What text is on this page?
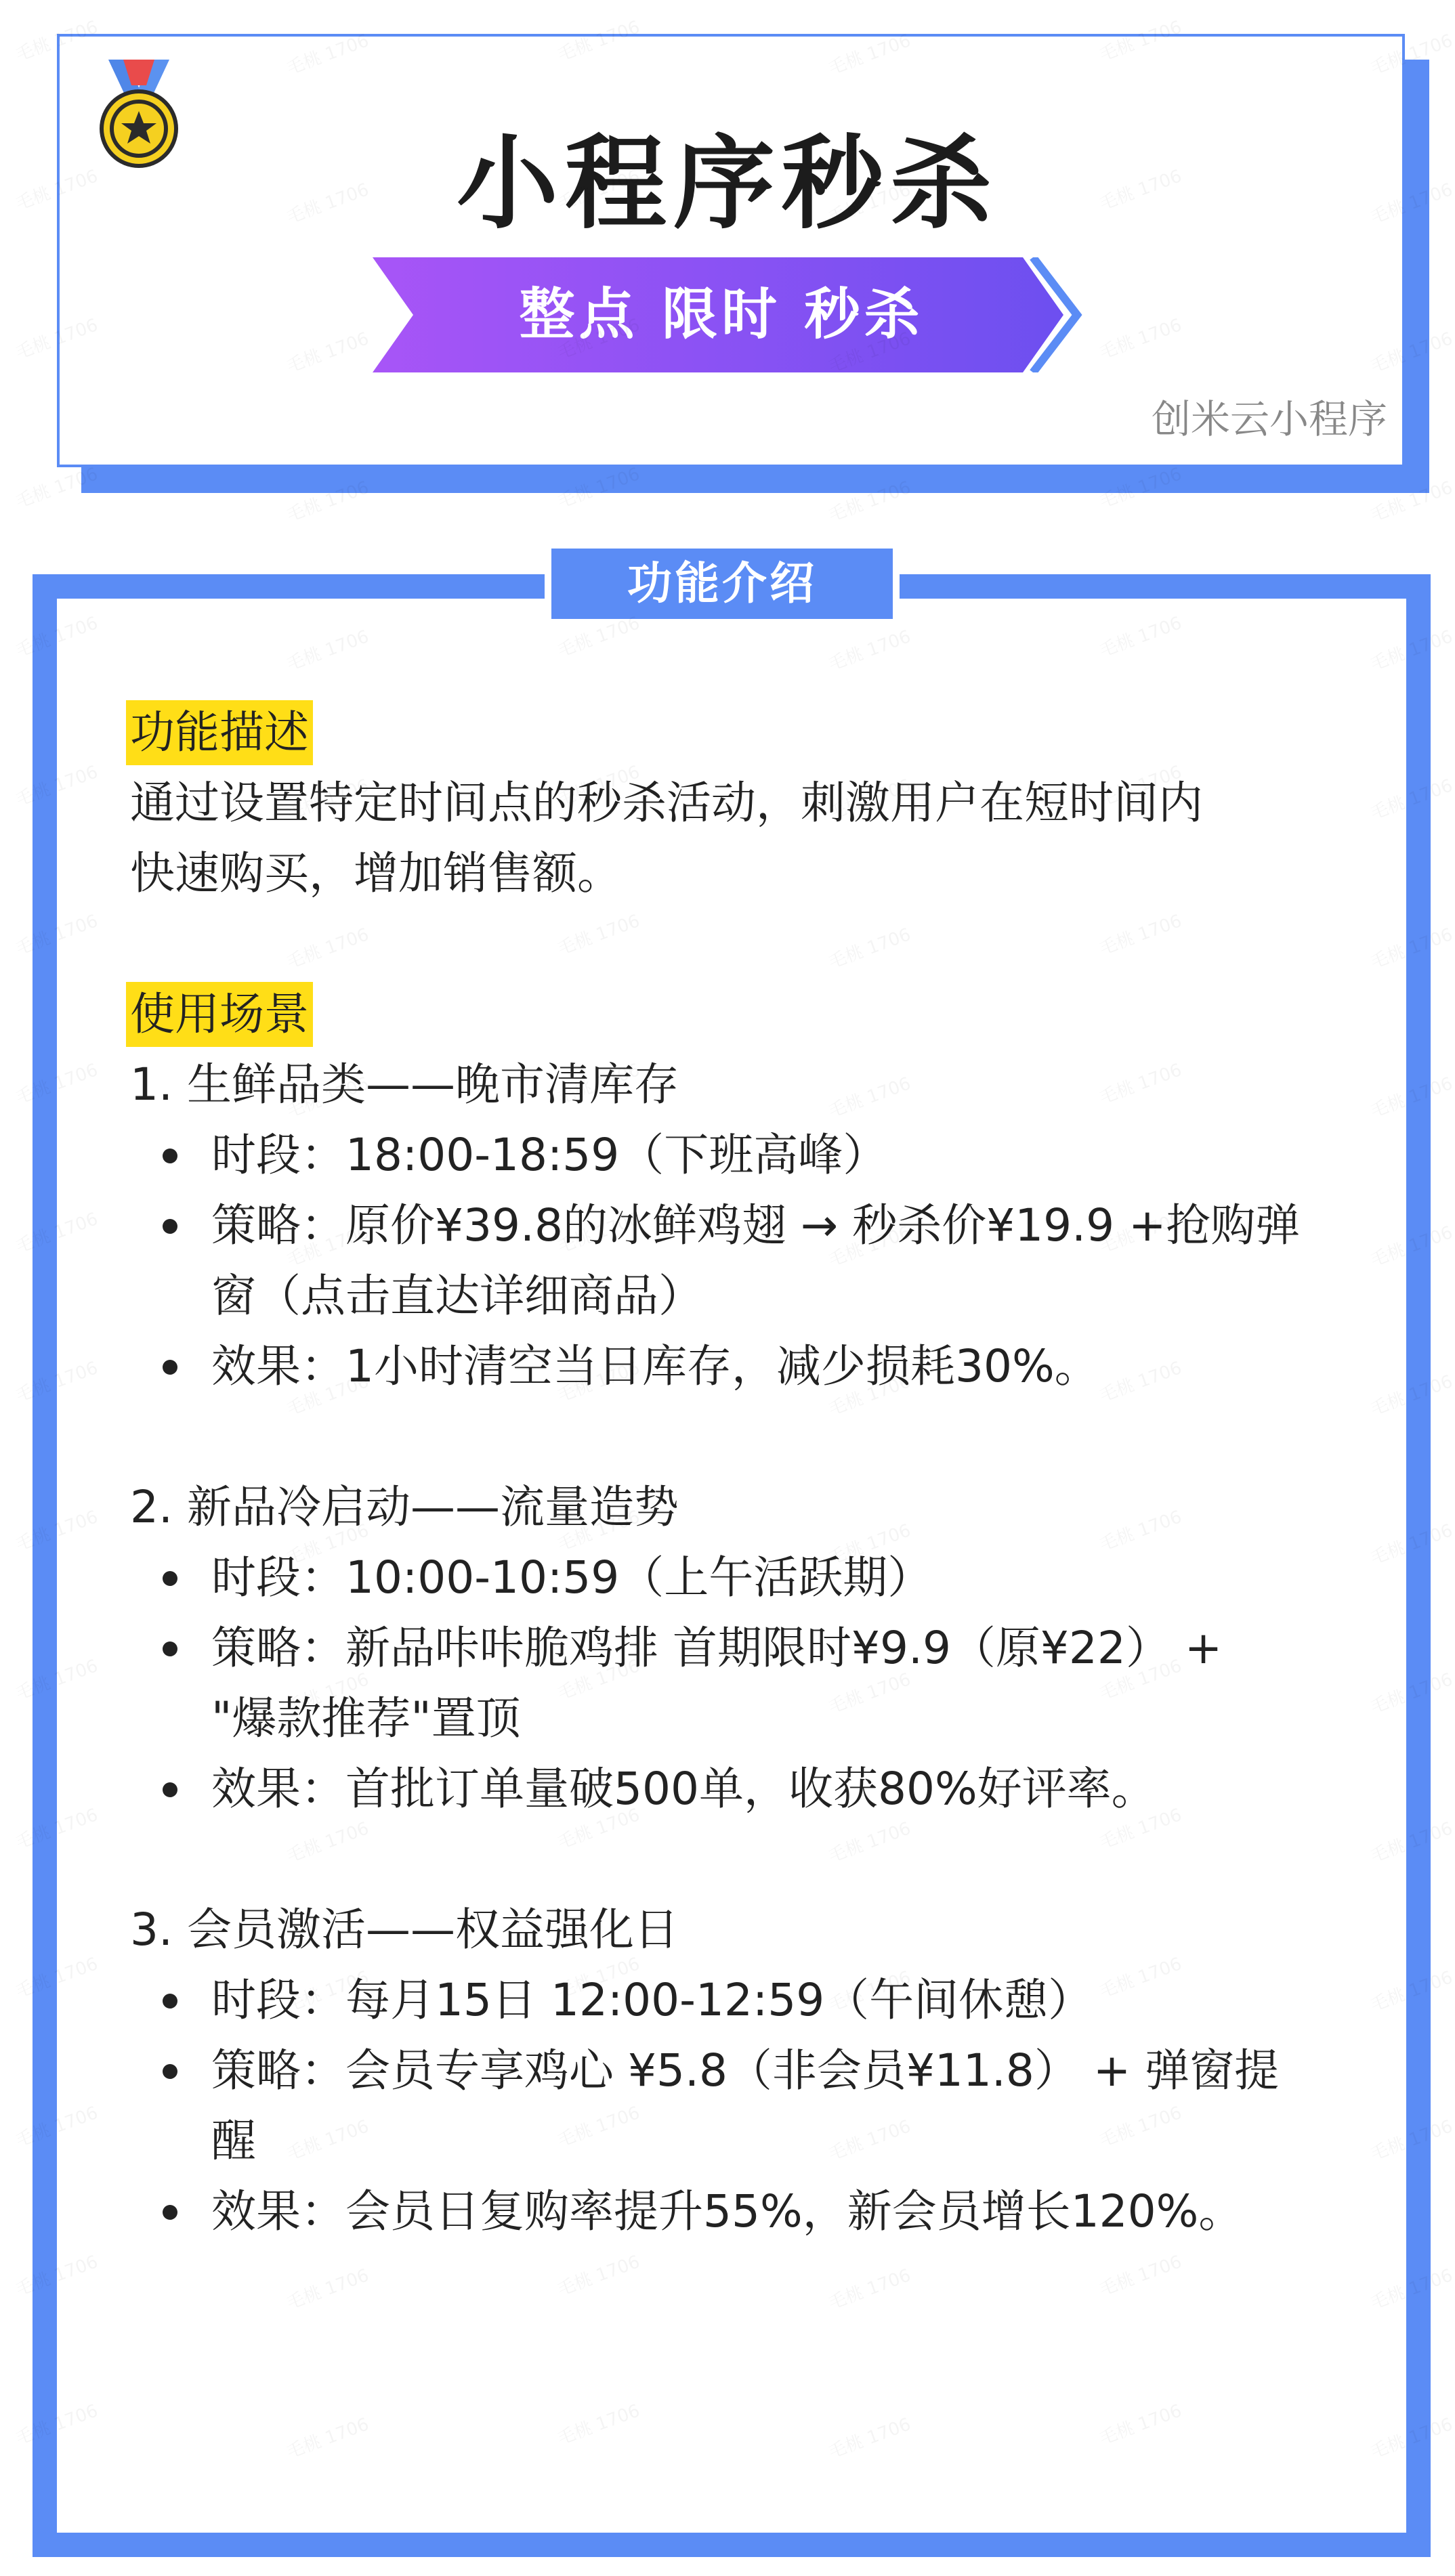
小程序秒杀
整点 限时 秒杀
创米云小程序
功能介绍
功能描述
通过设置特定时间点的秒杀活动，刺激用户在短时间内
快速购买，增加销售额。
使用场景
1. 生鲜品类——晚市清库存
时段：18:00-18:59（下班高峰）
策略：原价¥39.8的冰鲜鸡翅 → 秒杀价¥19.9 +抢购弹
窗（点击直达详细商品）
效果：1小时清空当日库存，减少损耗30%。
2. 新品冷启动——流量造势
时段：10:00-10:59（上午活跃期）
策略：新品咔咔脆鸡排 首期限时¥9.9（原¥22） +
"爆款推荐"置顶
效果：首批订单量破500单，收获80%好评率。
3. 会员激活——权益强化日
时段：每月15日 12:00-12:59（午间休憩）
策略：会员专享鸡心 ¥5.8（非会员¥11.8） + 弹窗提
醒
效果：会员日复购率提升55%，新会员增长120%。
